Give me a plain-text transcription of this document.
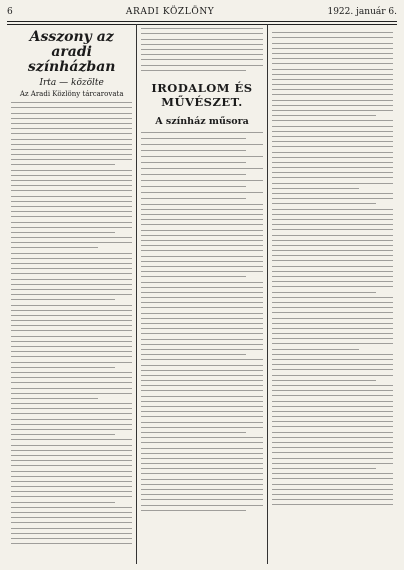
6	ARADI KÖZLÖNY	1922. január 6.
Asszony az aradi színházban
Irta — közölte
Az Aradi Közlöny tárcarovata	IRODALOM ÉS MŰVÉSZET.
A színház műsora
